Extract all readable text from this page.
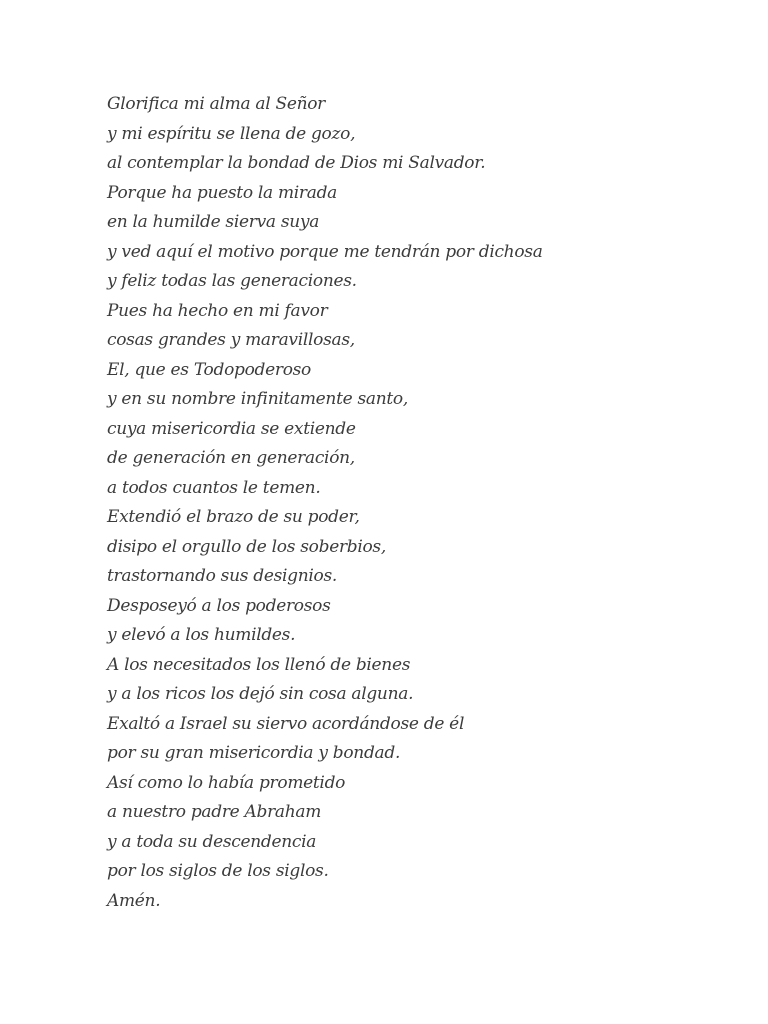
Glorifica mi alma al Señor
y mi espíritu se llena de gozo,
al contemplar la bondad de Dios mi Salvador.
Porque ha puesto la mirada
en la humilde sierva suya
y ved aquí el motivo porque me tendrán por dichosa
y feliz todas las generaciones.
Pues ha hecho en mi favor
cosas grandes y maravillosas,
El, que es Todopoderoso
y en su nombre infinitamente santo,
cuya misericordia se extiende
de generación en generación,
a todos cuantos le temen.
Extendió el brazo de su poder,
disipo el orgullo de los soberbios,
trastornando sus designios.
Desposeyó a los poderosos
y elevó a los humildes.
A los necesitados los llenó de bienes
y a los ricos los dejó sin cosa alguna.
Exaltó a Israel su siervo acordándose de él
por su gran misericordia y bondad.
Así como lo había prometido
a nuestro padre Abraham
y a toda su descendencia
por los siglos de los siglos.
Amén.
